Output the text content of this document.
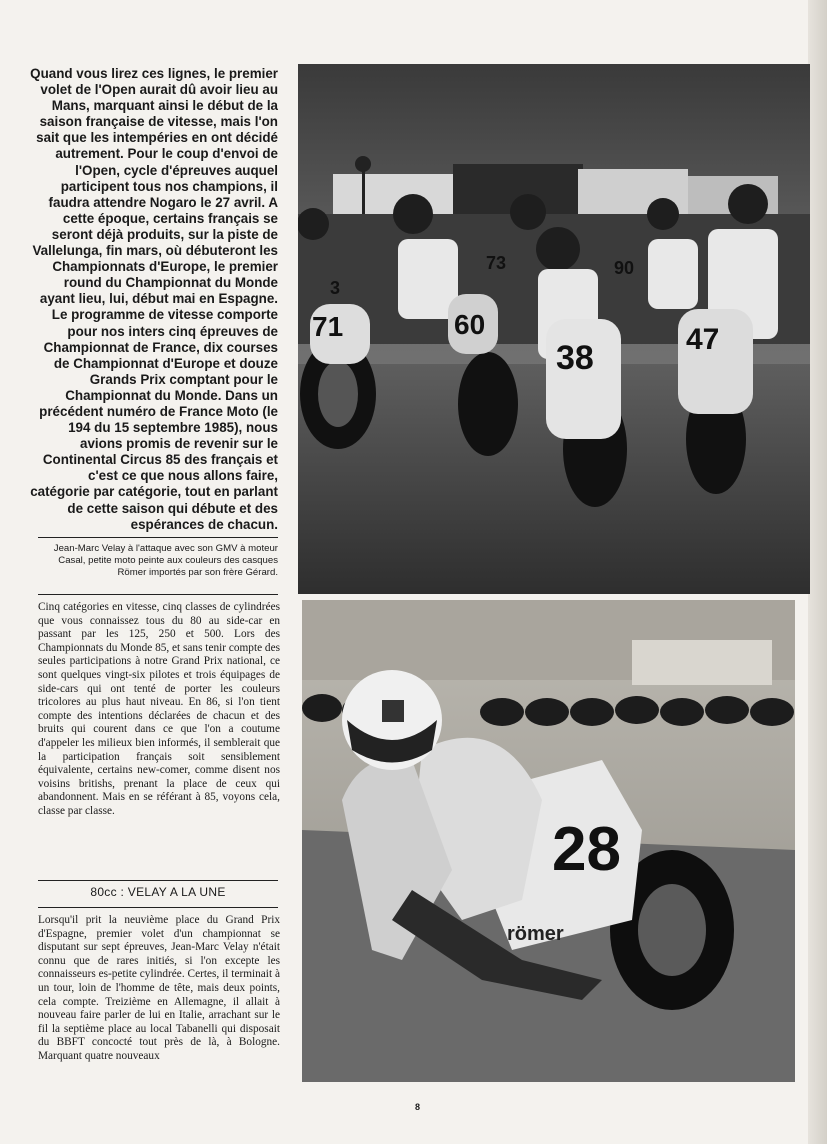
Quand vous lirez ces lignes, le premier volet de l'Open aurait dû avoir lieu au Mans, marquant ainsi le début de la saison française de vitesse, mais l'on sait que les intempéries en ont décidé autrement. Pour le coup d'envoi de l'Open, cycle d'épreuves auquel participent tous nos champions, il faudra attendre Nogaro le 27 avril. A cette époque, certains français se seront déjà produits, sur la piste de Vallelunga, fin mars, où débuteront les Championnats d'Europe, le premier round du Championnat du Monde ayant lieu, lui, début mai en Espagne. Le programme de vitesse comporte pour nos inters cinq épreuves de Championnat de France, dix courses de Championnat d'Europe et douze Grands Prix comptant pour le Championnat du Monde. Dans un précédent numéro de France Moto (le 194 du 15 septembre 1985), nous avions promis de revenir sur le Continental Circus 85 des français et c'est ce que nous allons faire, catégorie par catégorie, tout en parlant de cette saison qui débute et des espérances de chacun.

Jean-Marc Velay à l'attaque avec son GMV à moteur Casal, petite moto peinte aux couleurs des casques Römer importés par son frère Gérard.

Cinq catégories en vitesse, cinq classes de cylindrées que vous connaissez tous du 80 au side-car en passant par les 125, 250 et 500. Lors des Championnats du Monde 85, et sans tenir compte des seules participations à notre Grand Prix national, ce sont quelques vingt-six pilotes et trois équipages de side-cars qui ont tenté de porter les couleurs tricolores au plus haut niveau. En 86, si l'on tient compte des intentions déclarées de chacun et des bruits qui courent dans ce que l'on a coutume d'appeler les milieux bien informés, il semblerait que la participation français soit sensiblement équivalente, certains new-comer, comme disent nos voisins britishs, prenant la place de ceux qui abandonnent. Mais en se référant à 85, voyons cela, classe par classe.

80cc : VELAY A LA UNE

Lorsqu'il prit la neuvième place du Grand Prix d'Espagne, premier volet d'un championnat se disputant sur sept épreuves, Jean-Marc Velay n'était connu que de rares initiés, si l'on excepte les connaisseurs es-petite cylindrée. Certes, il terminait à un tour, loin de l'homme de tête, mais deux points, cela compte. Treizième en Allemagne, il allait à nouveau faire parler de lui en Italie, arrachant sur le fil la septième place au local Tabanelli qui disposait du BBFT concocté tout près de là, à Bologne. Marquant quatre nouveaux

71	60
38	47
73
3
90
28
römer
8
